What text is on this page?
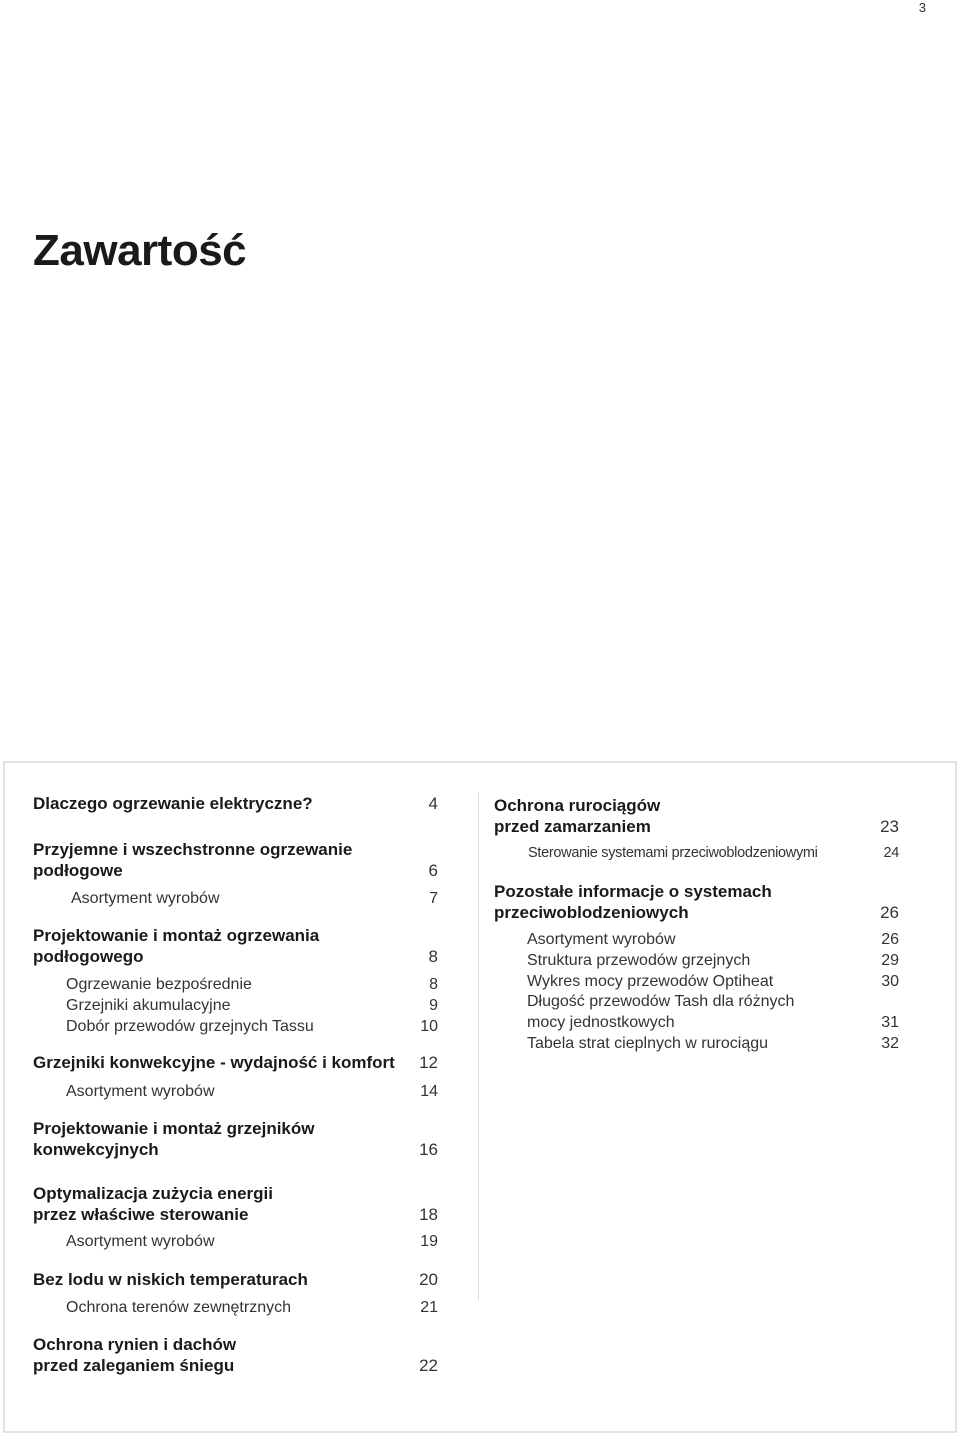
3
Zawartość
Dlaczego ogrzewanie elektryczne?	4
Przyjemne i wszechstronne ogrzewanie podłogowe	6
Asortyment wyrobów	7
Projektowanie i montaż ogrzewania podłogowego	8
Ogrzewanie bezpośrednie	8
Grzejniki akumulacyjne	9
Dobór przewodów grzejnych Tassu	10
Grzejniki konwekcyjne - wydajność i komfort 12
Asortyment wyrobów	14
Projektowanie i montaż grzejników konwekcyjnych	16
Optymalizacja zużycia energii przez właściwe sterowanie	18
Asortyment wyrobów	19
Bez lodu w niskich temperaturach	20
Ochrona terenów zewnętrznych	21
Ochrona rynien i dachów przed zaleganiem śniegu	22
Ochrona rurociągów przed zamarzaniem	23
Sterowanie systemami przeciwoblodzeniowymi	24
Pozostałe informacje o systemach przeciwoblodzeniowych	26
Asortyment wyrobów	26
Struktura przewodów grzejnych	29
Wykres mocy przewodów Optiheat	30
Długość przewodów Tash dla różnych mocy jednostkowych	31
Tabela strat cieplnych w rurociągu	32
